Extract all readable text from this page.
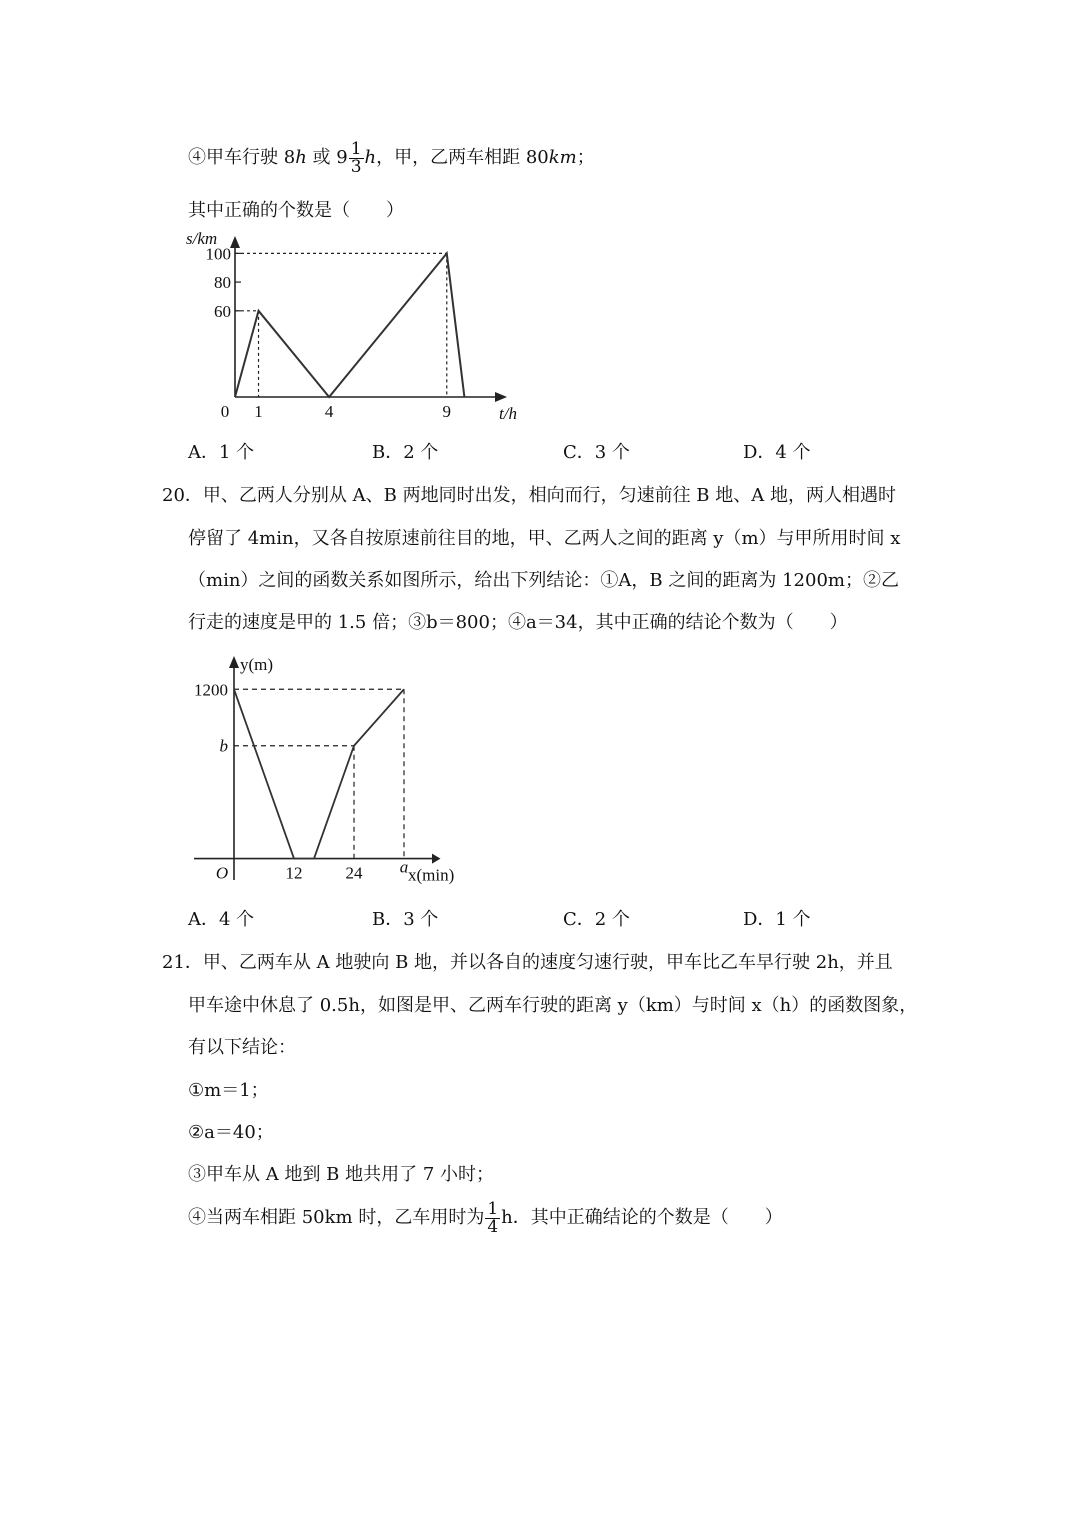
④甲车行驶 8h 或 $9 \frac{1}{3}$ h，甲，乙两车相距 80km；
其中正确的个数是（　　）
100
80
60
0 1	4	9
s/km
t/h
A．1 个	B．2 个	C．3 个	D．4 个
20．甲、乙两人分别从 A、B 两地同时出发，相向而行，匀速前往 B 地、A 地，两人相遇时
停留了 4min，又各自按原速前往目的地，甲、乙两人之间的距离 y（m）与甲所用时间 x
（min）之间的函数关系如图所示，给出下列结论：①A，B 之间的距离为 1200m；②乙
行走的速度是甲的 1.5 倍；③b＝800；④a＝34，其中正确的结论个数为（　　）
1200
b
O	12	24 a
y(m)
x(min)
A．4 个	B．3 个	C．2 个	D．1 个
21．甲、乙两车从 A 地驶向 B 地，并以各自的速度匀速行驶，甲车比乙车早行驶 2h，并且
甲车途中休息了 0.5h，如图是甲、乙两车行驶的距离 y（km）与时间 x（h）的函数图象，
有以下结论：
①m＝1；
②a＝40；
③甲车从 A 地到 B 地共用了 7 小时；
④当两车相距 50km 时，乙车用时为 $\frac{1}{4}$ h．其中正确结论的个数是（　　）
